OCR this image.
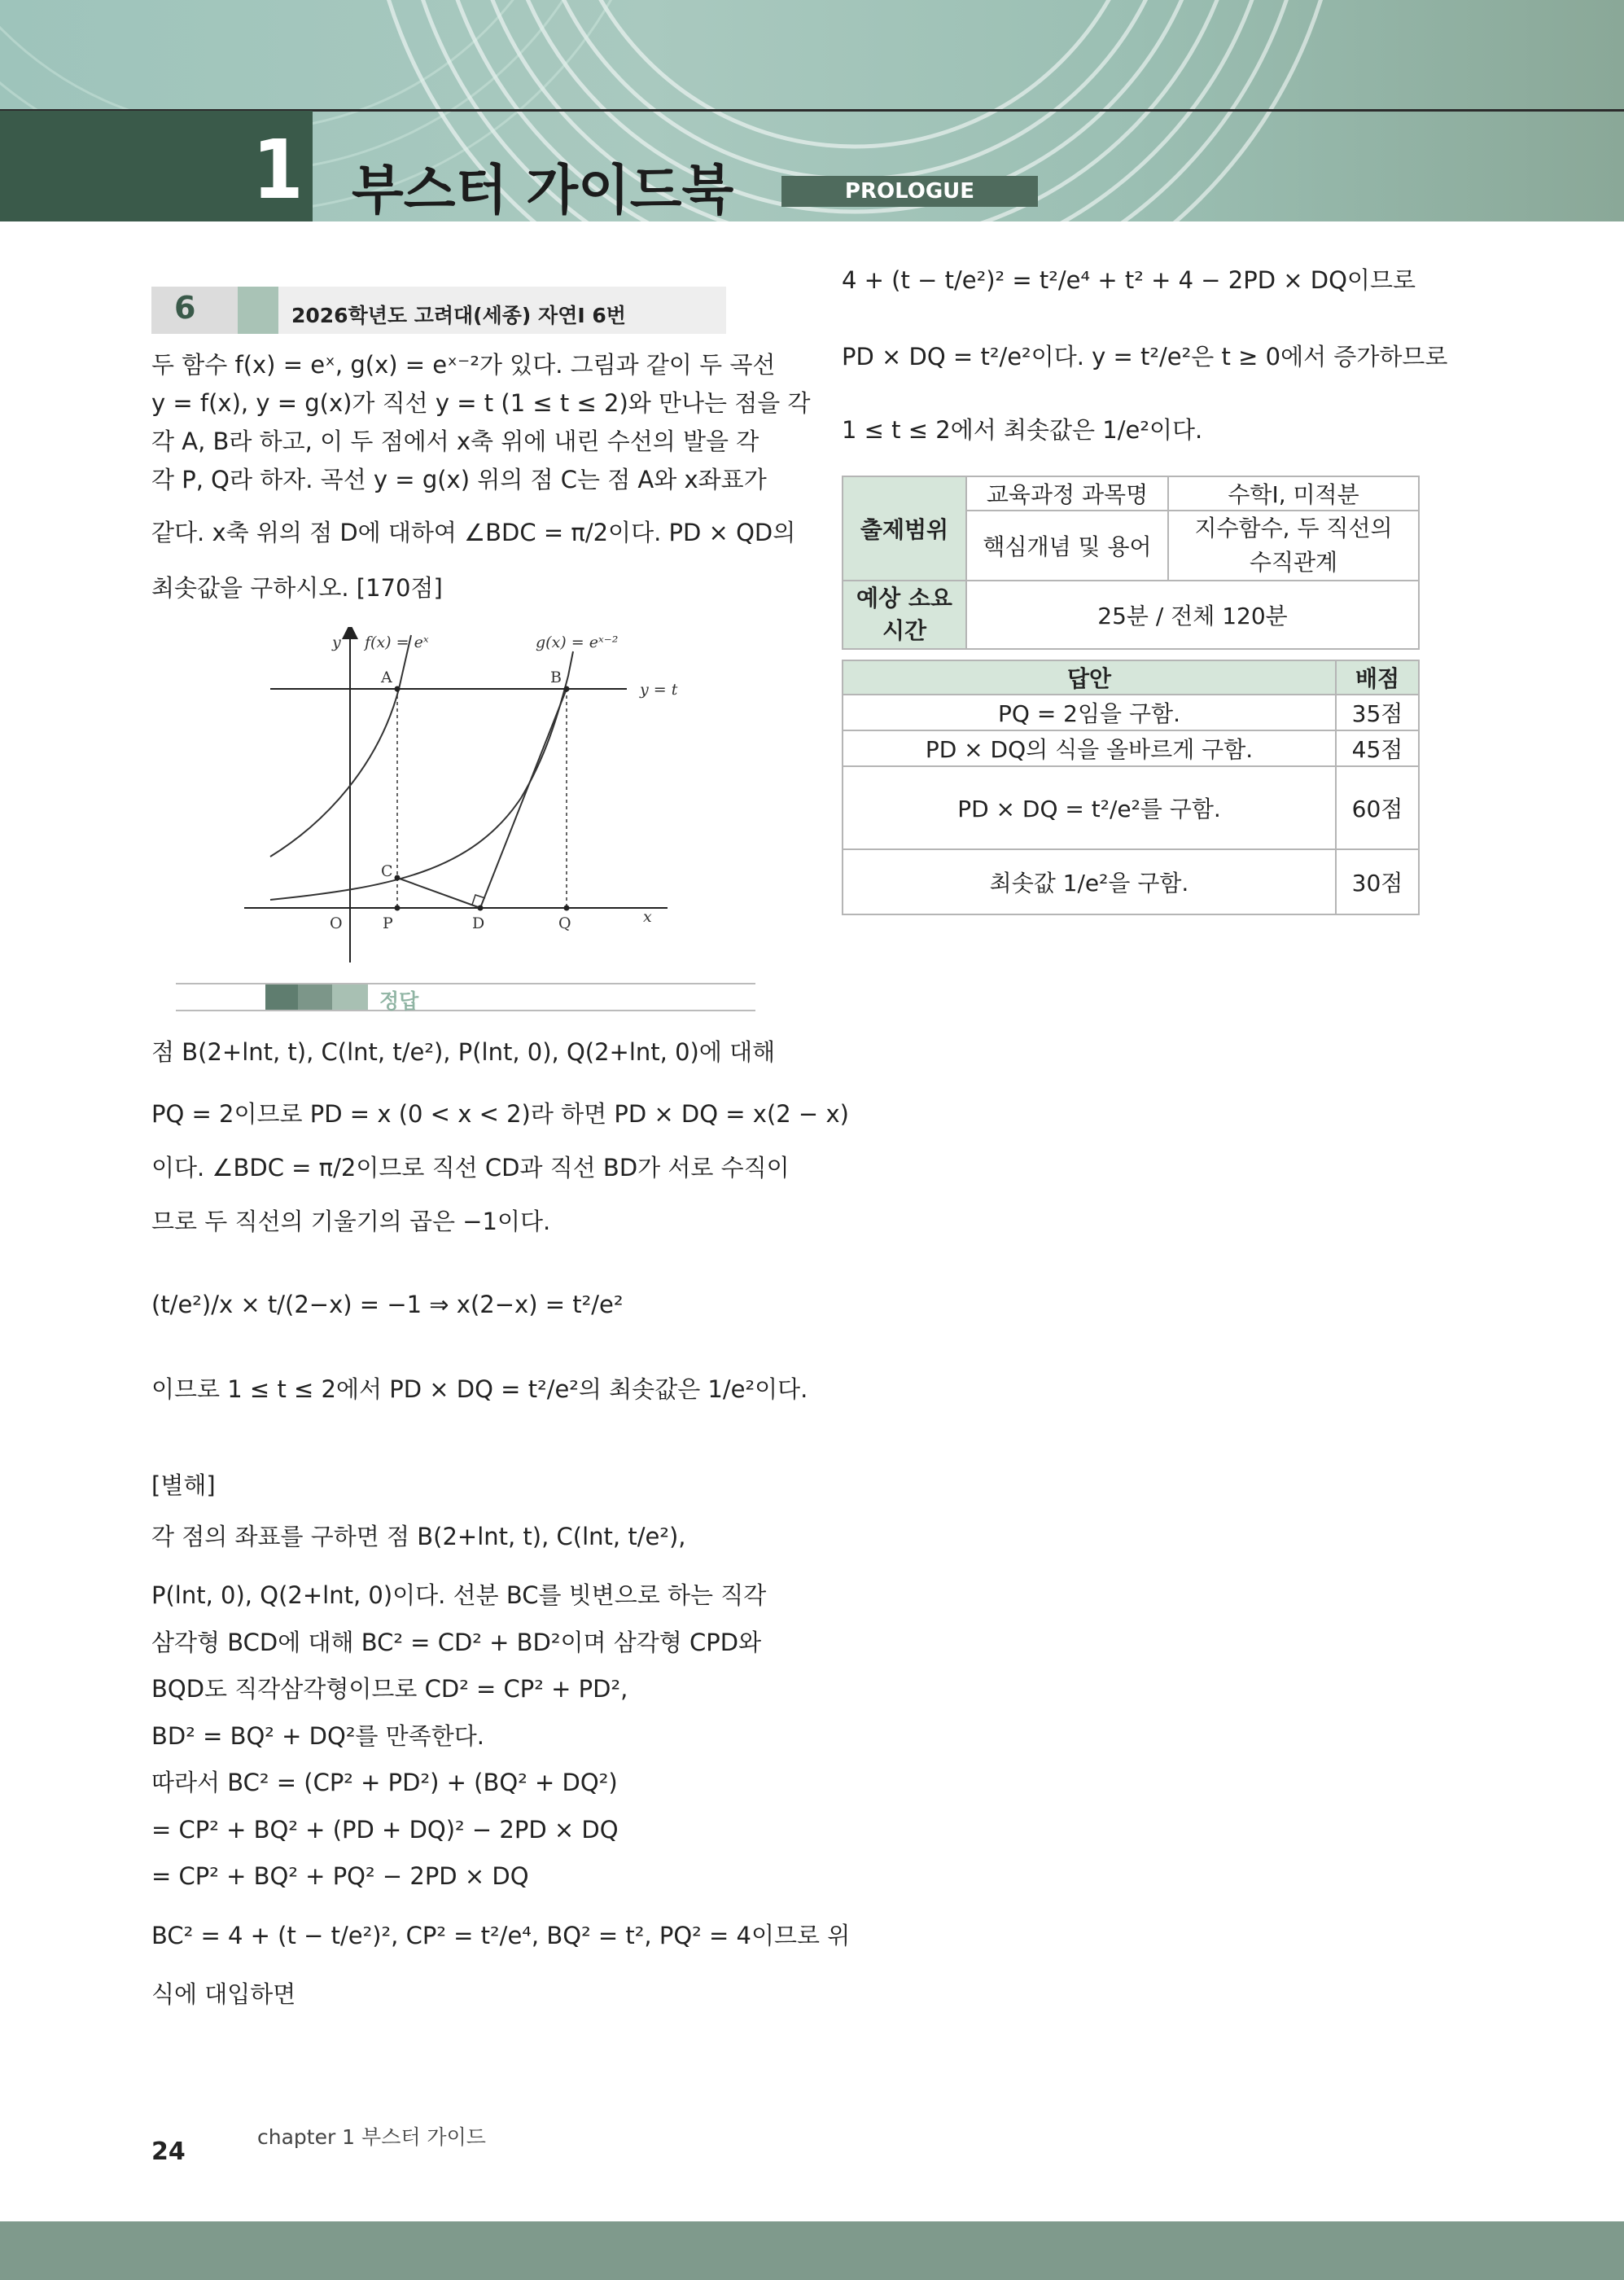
1 부스터 가이드북	PROLOGUE
6	2026학년도 고려대(세종) 자연I 6번
두 함수 f(x) = eˣ, g(x) = eˣ⁻²가 있다. 그림과 같이 두 곡선
y = f(x), y = g(x)가 직선 y = t (1 ≤ t ≤ 2)와 만나는 점을 각
각 A, B라 하고, 이 두 점에서 x축 위에 내린 수선의 발을 각
각 P, Q라 하자. 곡선 y = g(x) 위의 점 C는 점 A와 x좌표가
같다. x축 위의 점 D에 대하여 ∠BDC = π/2이다. PD × QD의
최솟값을 구하시오. [170점]
y f(x) = eˣ	g(x) = eˣ⁻²
y = t
x
A	B
C
O	P	D	Q
정답
점 B(2+lnt, t), C(lnt, t/e²), P(lnt, 0), Q(2+lnt, 0)에 대해
PQ = 2이므로 PD = x (0 < x < 2)라 하면 PD × DQ = x(2 − x)
이다. ∠BDC = π/2이므로 직선 CD과 직선 BD가 서로 수직이
므로 두 직선의 기울기의 곱은 −1이다.
(t/e²)/x × t/(2−x) = −1 ⇒ x(2−x) = t²/e²
이므로 1 ≤ t ≤ 2에서 PD × DQ = t²/e²의 최솟값은 1/e²이다.
[별해]
각 점의 좌표를 구하면 점 B(2+lnt, t), C(lnt, t/e²),
P(lnt, 0), Q(2+lnt, 0)이다. 선분 BC를 빗변으로 하는 직각
삼각형 BCD에 대해 BC² = CD² + BD²이며 삼각형 CPD와
BQD도 직각삼각형이므로 CD² = CP² + PD²,
BD² = BQ² + DQ²를 만족한다.
따라서 BC² = (CP² + PD²) + (BQ² + DQ²)
= CP² + BQ² + (PD + DQ)² − 2PD × DQ
= CP² + BQ² + PQ² − 2PD × DQ
BC² = 4 + (t − t/e²)², CP² = t²/e⁴, BQ² = t², PQ² = 4이므로 위
식에 대입하면
4 + (t − t/e²)² = t²/e⁴ + t² + 4 − 2PD × DQ이므로
PD × DQ = t²/e²이다. y = t²/e²은 t ≥ 0에서 증가하므로
1 ≤ t ≤ 2에서 최솟값은 1/e²이다.
출제범위	교육과정 과목명	수학Ⅰ, 미적분
	핵심개념 및 용어	지수함수, 두 직선의
수직관계

예상 소요
시간	25분 / 전체 120분	
답안	배점
PQ = 2임을 구함.	35점
PD × DQ의 식을 올바르게 구함.	45점
PD × DQ = t²/e²를 구함.	60점
최솟값 1/e²을 구함.	30점
chapter 1 부스터 가이드
24
